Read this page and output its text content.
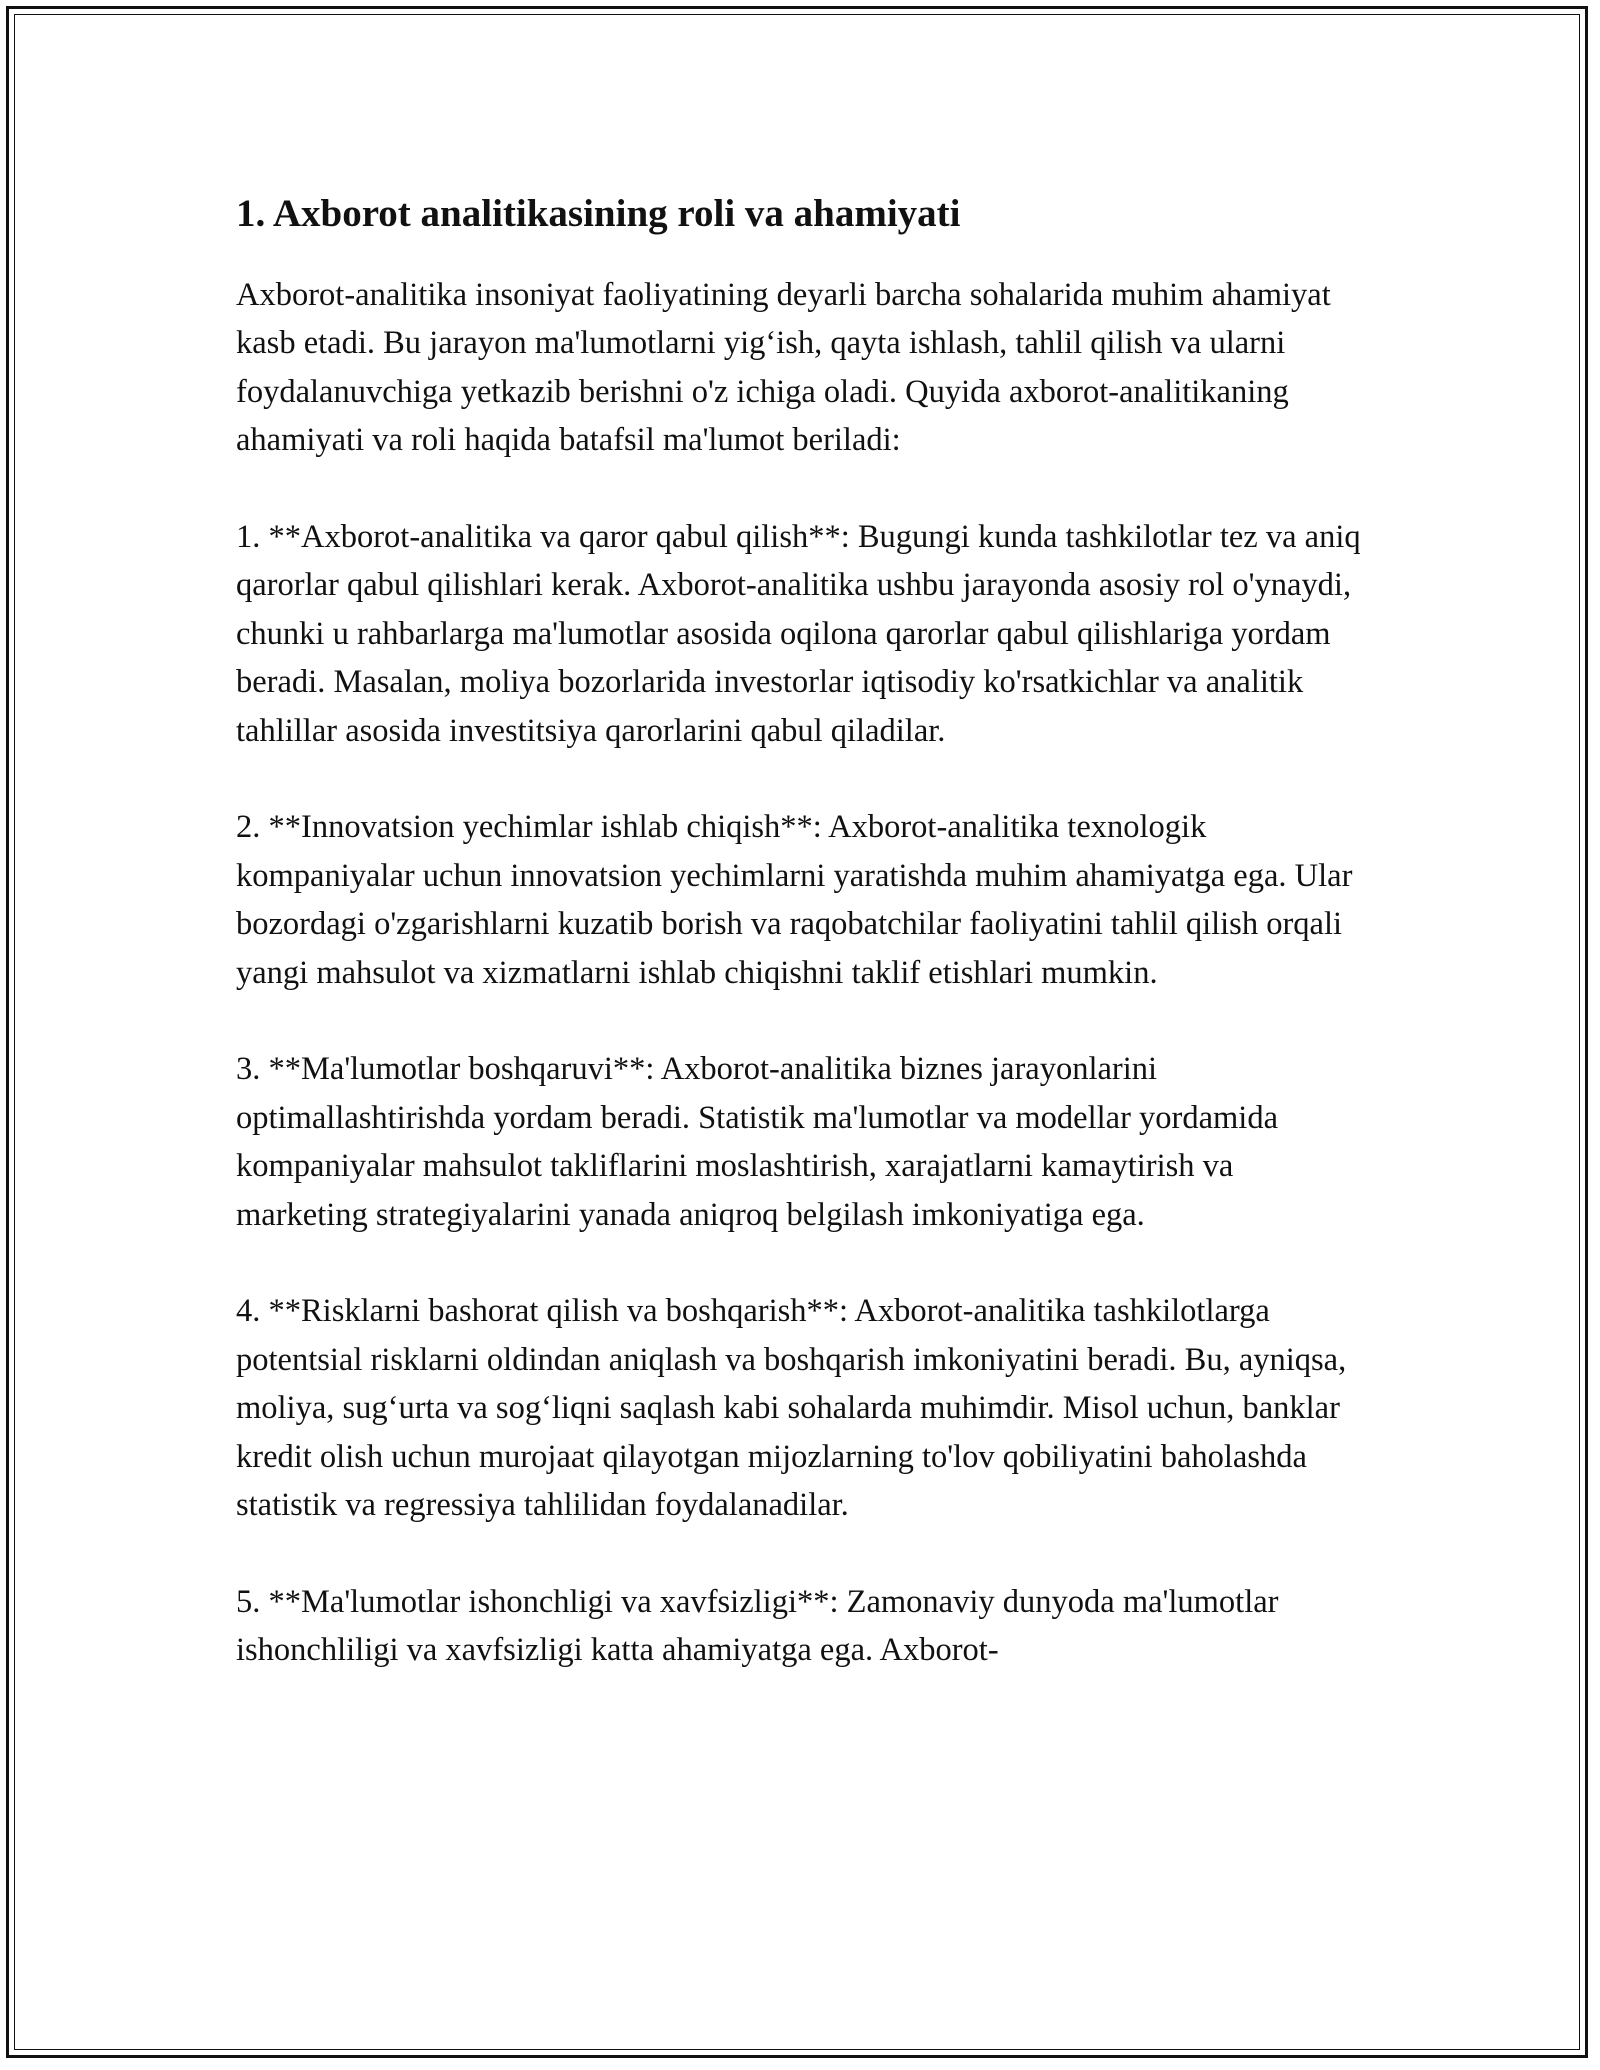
1. Axborot analitikasining roli va ahamiyati

Axborot-analitika insoniyat faoliyatining deyarli barcha sohalarida muhim ahamiyat kasb etadi. Bu jarayon ma'lumotlarni yig‘ish, qayta ishlash, tahlil qilish va ularni foydalanuvchiga yetkazib berishni o'z ichiga oladi. Quyida axborot-analitikaning ahamiyati va roli haqida batafsil ma'lumot beriladi:

1. **Axborot-analitika va qaror qabul qilish**: Bugungi kunda tashkilotlar tez va aniq qarorlar qabul qilishlari kerak. Axborot-analitika ushbu jarayonda asosiy rol o'ynaydi, chunki u rahbarlarga ma'lumotlar asosida oqilona qarorlar qabul qilishlariga yordam beradi. Masalan, moliya bozorlarida investorlar iqtisodiy ko'rsatkichlar va analitik tahlillar asosida investitsiya qarorlarini qabul qiladilar.

2. **Innovatsion yechimlar ishlab chiqish**: Axborot-analitika texnologik kompaniyalar uchun innovatsion yechimlarni yaratishda muhim ahamiyatga ega. Ular bozordagi o'zgarishlarni kuzatib borish va raqobatchilar faoliyatini tahlil qilish orqali yangi mahsulot va xizmatlarni ishlab chiqishni taklif etishlari mumkin.

3. **Ma'lumotlar boshqaruvi**: Axborot-analitika biznes jarayonlarini optimallashtirishda yordam beradi. Statistik ma'lumotlar va modellar yordamida kompaniyalar mahsulot takliflarini moslashtirish, xarajatlarni kamaytirish va marketing strategiyalarini yanada aniqroq belgilash imkoniyatiga ega.

4. **Risklarni bashorat qilish va boshqarish**: Axborot-analitika tashkilotlarga potentsial risklarni oldindan aniqlash va boshqarish imkoniyatini beradi. Bu, ayniqsa, moliya, sug‘urta va sog‘liqni saqlash kabi sohalarda muhimdir. Misol uchun, banklar kredit olish uchun murojaat qilayotgan mijozlarning to'lov qobiliyatini baholashda statistik va regressiya tahlilidan foydalanadilar.

5. **Ma'lumotlar ishonchligi va xavfsizligi**: Zamonaviy dunyoda ma'lumotlar ishonchliligi va xavfsizligi katta ahamiyatga ega. Axborot-
